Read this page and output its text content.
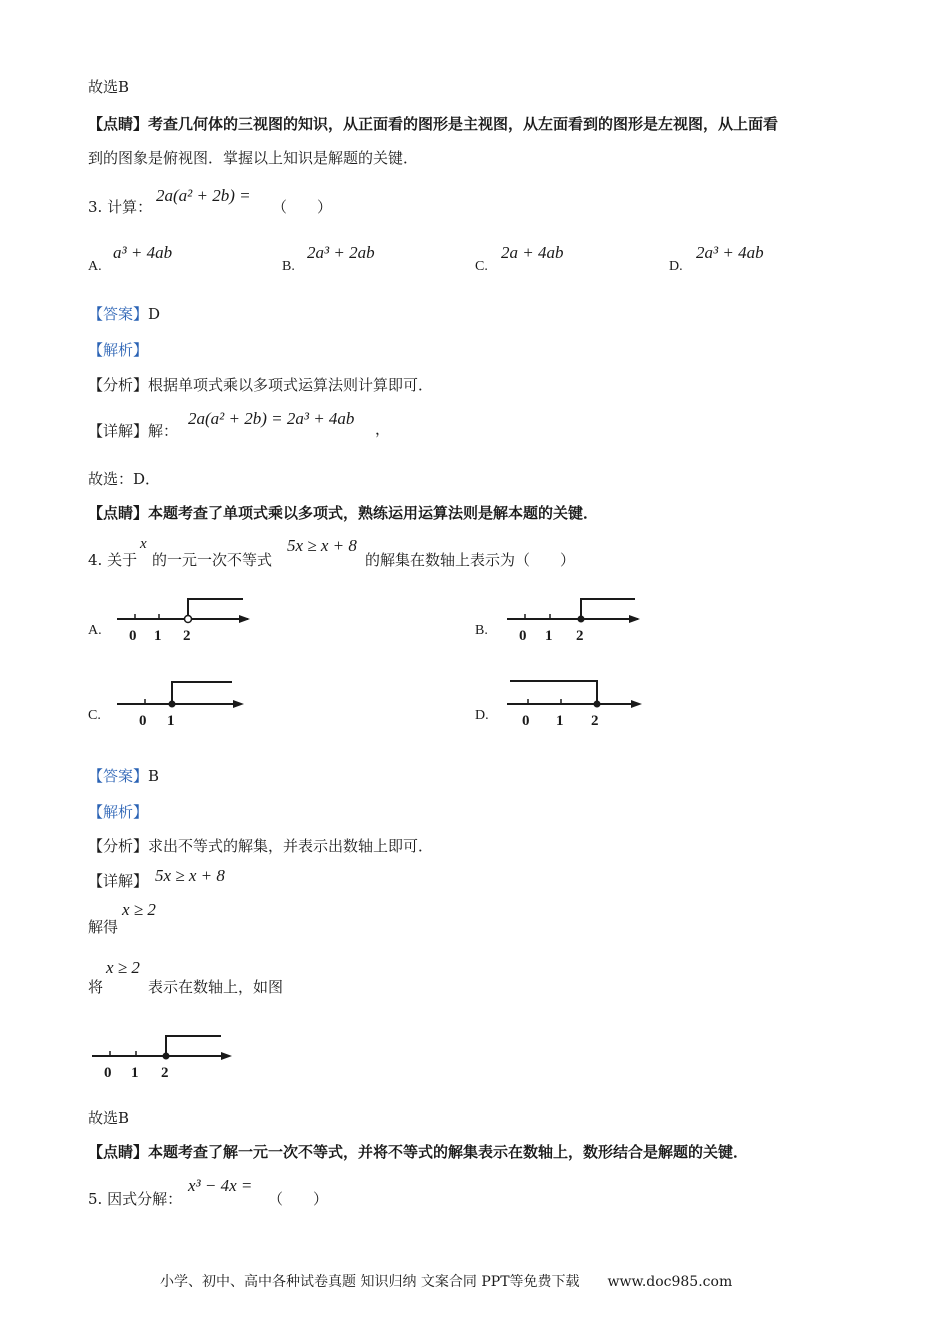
故选B
【点睛】考查几何体的三视图的知识，从正面看的图形是主视图，从左面看到的图形是左视图，从上面看
到的图象是俯视图．掌握以上知识是解题的关键．
3. 计算：
2a(a² + 2b) =
（　　）
A.
a³ + 4ab
B.
2a³ + 2ab
C.
2a + 4ab
D.
2a³ + 4ab
【答案】D
【解析】
【分析】根据单项式乘以多项式运算法则计算即可．
【详解】解：
2a(a² + 2b) = 2a³ + 4ab
，
故选：D．
【点睛】本题考查了单项式乘以多项式，熟练运用运算法则是解本题的关键．
4. 关于
x
的一元一次不等式
5x ≥ x + 8
的解集在数轴上表示为（　　）
A. 0 1 2	B. 0 1 2
C.	0 1	D. 0 1 2
【答案】B
【解析】
【分析】求出不等式的解集，并表示出数轴上即可．
【详解】 5x ≥ x + 8
解得
x ≥ 2
将
x ≥ 2
表示在数轴上，如图
0 1 2
故选B
【点睛】本题考查了解一元一次不等式，并将不等式的解集表示在数轴上，数形结合是解题的关键．
5. 因式分解：
x³ − 4x =
（　　）
小学、初中、高中各种试卷真题 知识归纳 文案合同 PPT等免费下载　　www.doc985.com
